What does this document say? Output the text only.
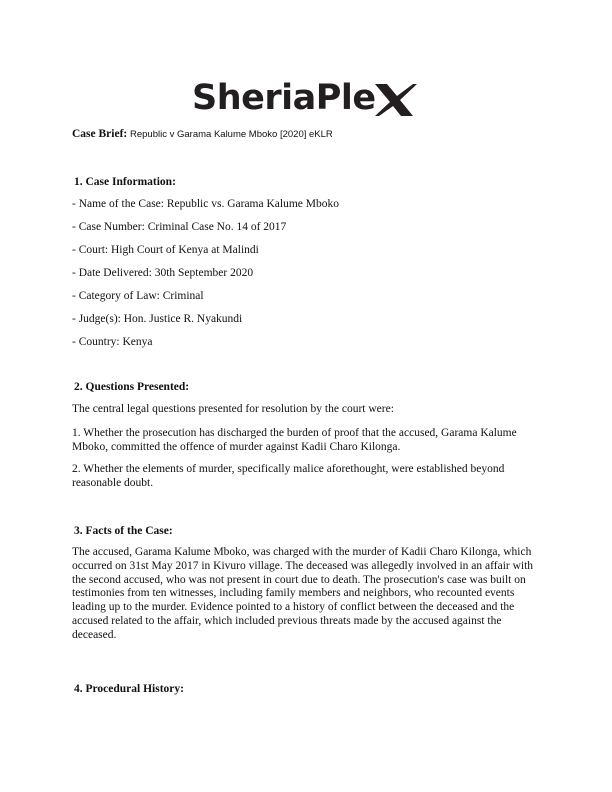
SheriaPle
Case Brief: Republic v Garama Kalume Mboko [2020] eKLR
1. Case Information:
- Name of the Case: Republic vs. Garama Kalume Mboko
- Case Number: Criminal Case No. 14 of 2017
- Court: High Court of Kenya at Malindi
- Date Delivered: 30th September 2020
- Category of Law: Criminal
- Judge(s): Hon. Justice R. Nyakundi
- Country: Kenya
2. Questions Presented:
The central legal questions presented for resolution by the court were:
1. Whether the prosecution has discharged the burden of proof that the accused, Garama Kalume Mboko, committed the offence of murder against Kadii Charo Kilonga.
2. Whether the elements of murder, specifically malice aforethought, were established beyond reasonable doubt.
3. Facts of the Case:
The accused, Garama Kalume Mboko, was charged with the murder of Kadii Charo Kilonga, which occurred on 31st May 2017 in Kivuro village. The deceased was allegedly involved in an affair with the second accused, who was not present in court due to death. The prosecution's case was built on testimonies from ten witnesses, including family members and neighbors, who recounted events leading up to the murder. Evidence pointed to a history of conflict between the deceased and the accused related to the affair, which included previous threats made by the accused against the deceased.
4. Procedural History:
